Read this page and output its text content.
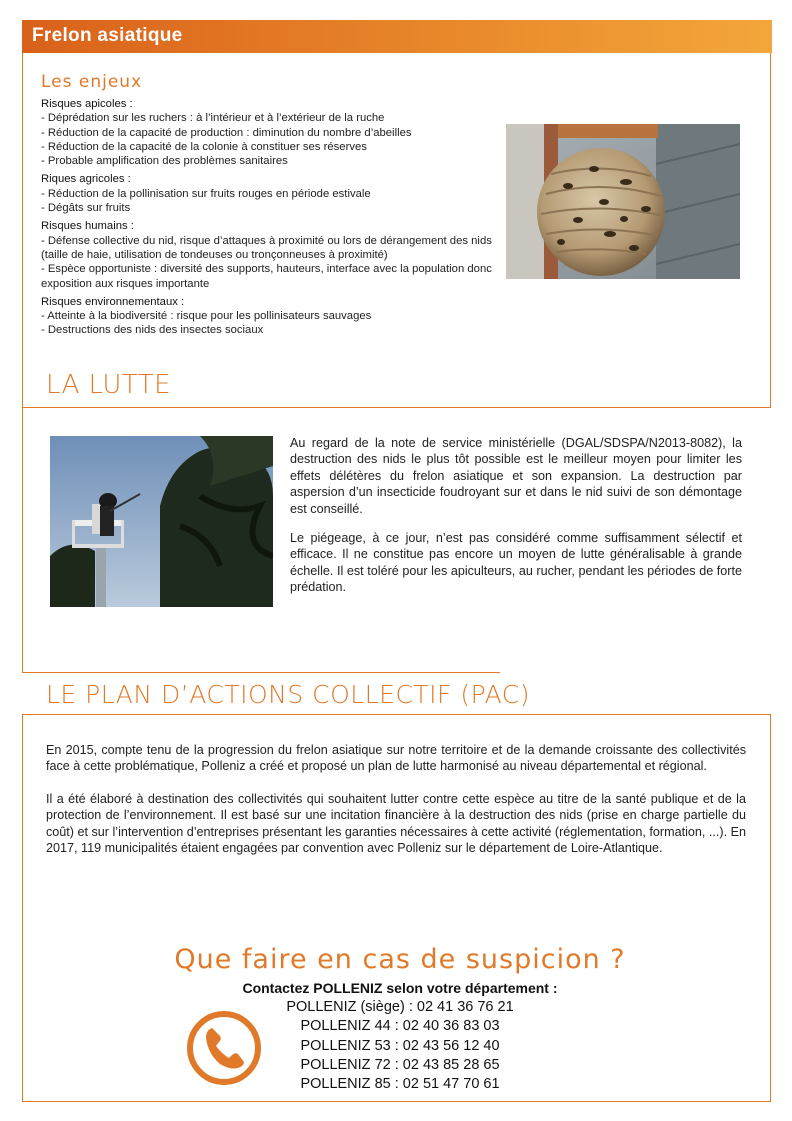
Frelon asiatique
Les enjeux
Risques apicoles :
- Déprédation sur les ruchers : à l’intérieur et à l’extérieur de la ruche
- Réduction de la capacité de production : diminution du nombre d’abeilles
- Réduction de la capacité de la colonie à constituer ses réserves
- Probable amplification des problèmes sanitaires
Riques agricoles :
- Réduction de la pollinisation sur fruits rouges en période estivale
- Dégâts sur fruits
Risques humains :
- Défense collective du nid, risque d’attaques à proximité ou lors de dérangement des nids (taille de haie, utilisation de tondeuses ou tronçonneuses à proximité)
- Espèce opportuniste : diversité des supports, hauteurs, interface avec la population donc exposition aux risques importante
Risques environnementaux :
- Atteinte à la biodiversité : risque pour les pollinisateurs sauvages
- Destructions des nids des insectes sociaux
LA LUTTE
Au regard de la note de service ministérielle (DGAL/SDSPA/N2013-8082), la destruction des nids le plus tôt possible est le meilleur moyen pour limiter les effets délétères du frelon asiatique et son expansion. La destruction par aspersion d’un insecticide foudroyant sur et dans le nid suivi de son démontage est conseillé.
Le piégeage, à ce jour, n’est pas considéré comme suffisamment sélectif et efficace. Il ne constitue pas encore un moyen de lutte généralisable à grande échelle. Il est toléré pour les apiculteurs, au rucher, pendant les périodes de forte prédation.
LE PLAN D’ACTIONS COLLECTIF (PAC)
En 2015, compte tenu de la progression du frelon asiatique sur notre territoire et de la demande croissante des collectivités face à cette problématique, Polleniz a créé et proposé un plan de lutte harmonisé au niveau départemental et régional.
Il a été élaboré à destination des collectivités qui souhaitent lutter contre cette espèce au titre de la santé publique et de la protection de l’environnement. Il est basé sur une incitation financière à la destruction des nids (prise en charge partielle du coût) et sur l’intervention d’entreprises présentant les garanties nécessaires à cette activité (réglementation, formation, ...). En 2017, 119 municipalités étaient engagées par convention avec Polleniz sur le département de Loire-Atlantique.
Que faire en cas de suspicion ?
Contactez POLLENIZ selon votre département :
POLLENIZ (siège) : 02 41 36 76 21
POLLENIZ 44 : 02 40 36 83 03
POLLENIZ 53 : 02 43 56 12 40
POLLENIZ 72 : 02 43 85 28 65
POLLENIZ 85 : 02 51 47 70 61
